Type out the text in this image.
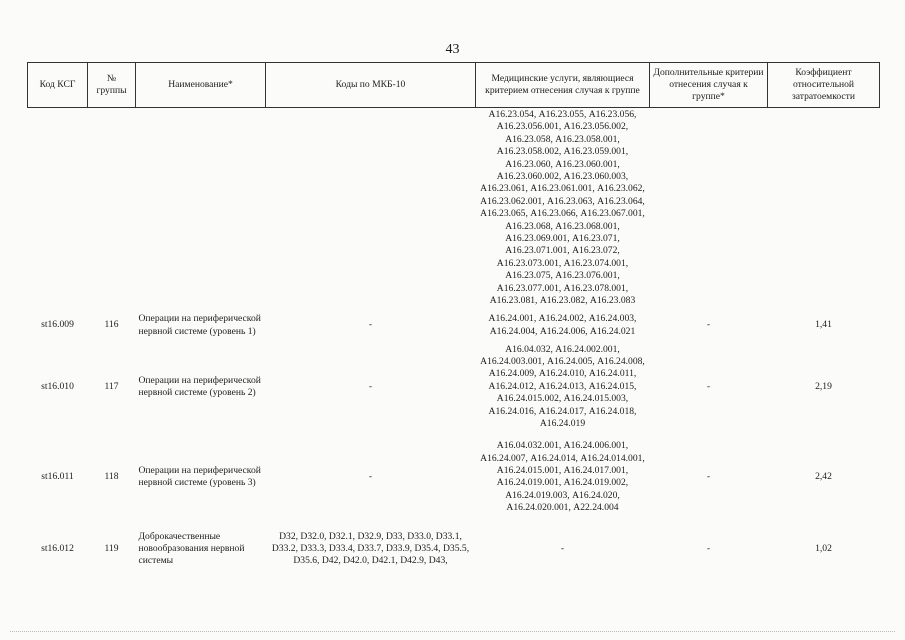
43
Код КСГ	№ группы	Наименование*	Коды по МКБ-10	Медицинские услуги, являющиеся критерием отнесения случая к группе	Дополнительные критерии отнесения случая к группе*	Коэффициент относительной затратоемкости
				А16.23.054, А16.23.055, А16.23.056, А16.23.056.001, А16.23.056.002, А16.23.058, А16.23.058.001, А16.23.058.002, А16.23.059.001, А16.23.060, А16.23.060.001, А16.23.060.002, А16.23.060.003, А16.23.061, А16.23.061.001, А16.23.062, А16.23.062.001, А16.23.063, А16.23.064, А16.23.065, А16.23.066, А16.23.067.001, А16.23.068, А16.23.068.001, А16.23.069.001, А16.23.071, А16.23.071.001, А16.23.072, А16.23.073.001, А16.23.074.001, А16.23.075, А16.23.076.001, А16.23.077.001, А16.23.078.001, А16.23.081, А16.23.082, А16.23.083		
st16.009	116	Операции на периферической нервной системе (уровень 1)	-	А16.24.001, А16.24.002, А16.24.003, А16.24.004, А16.24.006, А16.24.021	-	1,41
st16.010	117	Операции на периферической нервной системе (уровень 2)	-	А16.04.032, А16.24.002.001, А16.24.003.001, А16.24.005, А16.24.008, А16.24.009, А16.24.010, А16.24.011, А16.24.012, А16.24.013, А16.24.015, А16.24.015.002, А16.24.015.003, А16.24.016, А16.24.017, А16.24.018, А16.24.019	-	2,19
st16.011	118	Операции на периферической нервной системе (уровень 3)	-	А16.04.032.001, А16.24.006.001, А16.24.007, А16.24.014, А16.24.014.001, А16.24.015.001, А16.24.017.001, А16.24.019.001, А16.24.019.002, А16.24.019.003, А16.24.020, А16.24.020.001, А22.24.004	-	2,42
st16.012	119	Доброкачественные новообразования нервной системы	D32, D32.0, D32.1, D32.9, D33, D33.0, D33.1, D33.2, D33.3, D33.4, D33.7, D33.9, D35.4, D35.5, D35.6, D42, D42.0, D42.1, D42.9, D43,	-	-	1,02
